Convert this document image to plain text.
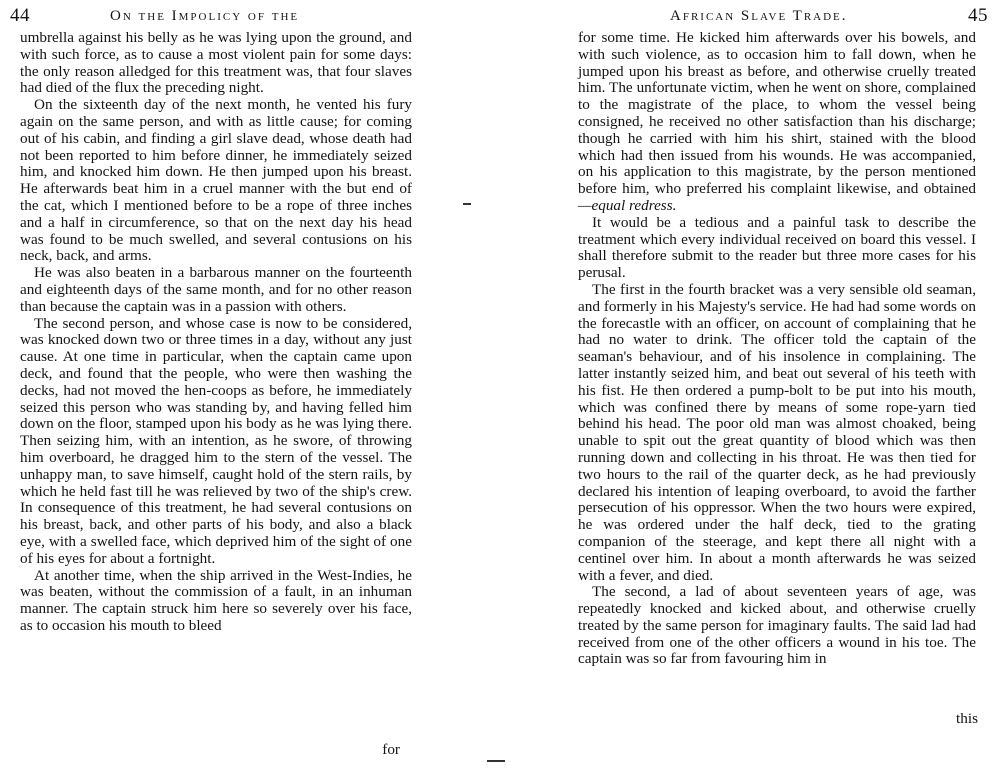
44	On the Impolicy of the

umbrella against his belly as he was lying upon the ground, and with such force, as to cause a most violent pain for some days: the only reason alledged for this treatment was, that four slaves had died of the flux the preceding night.

On the sixteenth day of the next month, he vented his fury again on the same person, and with as little cause; for coming out of his cabin, and finding a girl slave dead, whose death had not been reported to him before dinner, he immediately seized him, and knocked him down. He then jumped upon his breast. He afterwards beat him in a cruel manner with the but end of the cat, which I mentioned before to be a rope of three inches and a half in circumference, so that on the next day his head was found to be much swelled, and several contusions on his neck, back, and arms.

He was also beaten in a barbarous manner on the fourteenth and eighteenth days of the same month, and for no other reason than because the captain was in a passion with others.

The second person, and whose case is now to be considered, was knocked down two or three times in a day, without any just cause. At one time in particular, when the captain came upon deck, and found that the people, who were then washing the decks, had not moved the hen-coops as before, he immediately seized this person who was standing by, and having felled him down on the floor, stamped upon his body as he was lying there. Then seizing him, with an intention, as he swore, of throwing him overboard, he dragged him to the stern of the vessel. The unhappy man, to save himself, caught hold of the stern rails, by which he held fast till he was relieved by two of the ship's crew. In consequence of this treatment, he had several contusions on his breast, back, and other parts of his body, and also a black eye, with a swelled face, which deprived him of the sight of one of his eyes for about a fortnight.

At another time, when the ship arrived in the West-Indies, he was beaten, without the commission of a fault, in an inhuman manner. The captain struck him here so severely over his face, as to occasion his mouth to bleed

for
African Slave Trade.	45

for some time. He kicked him afterwards over his bowels, and with such violence, as to occasion him to fall down, when he jumped upon his breast as before, and otherwise cruelly treated him. The unfortunate victim, when he went on shore, complained to the magistrate of the place, to whom the vessel being consigned, he received no other satisfaction than his discharge; though he carried with him his shirt, stained with the blood which had then issued from his wounds. He was accompanied, on his application to this magistrate, by the person mentioned before him, who preferred his complaint likewise, and obtained—equal redress.

It would be a tedious and a painful task to describe the treatment which every individual received on board this vessel. I shall therefore submit to the reader but three more cases for his perusal.

The first in the fourth bracket was a very sensible old seaman, and formerly in his Majesty's service. He had had some words on the forecastle with an officer, on account of complaining that he had no water to drink. The officer told the captain of the seaman's behaviour, and of his insolence in complaining. The latter instantly seized him, and beat out several of his teeth with his fist. He then ordered a pump-bolt to be put into his mouth, which was confined there by means of some rope-yarn tied behind his head. The poor old man was almost choaked, being unable to spit out the great quantity of blood which was then running down and collecting in his throat. He was then tied for two hours to the rail of the quarter deck, as he had previously declared his intention of leaping overboard, to avoid the farther persecution of his oppressor. When the two hours were expired, he was ordered under the half deck, tied to the grating companion of the steerage, and kept there all night with a centinel over him. In about a month afterwards he was seized with a fever, and died.

The second, a lad of about seventeen years of age, was repeatedly knocked and kicked about, and otherwise cruelly treated by the same person for imaginary faults. The said lad had received from one of the other officers a wound in his toe. The captain was so far from favouring him in

this
